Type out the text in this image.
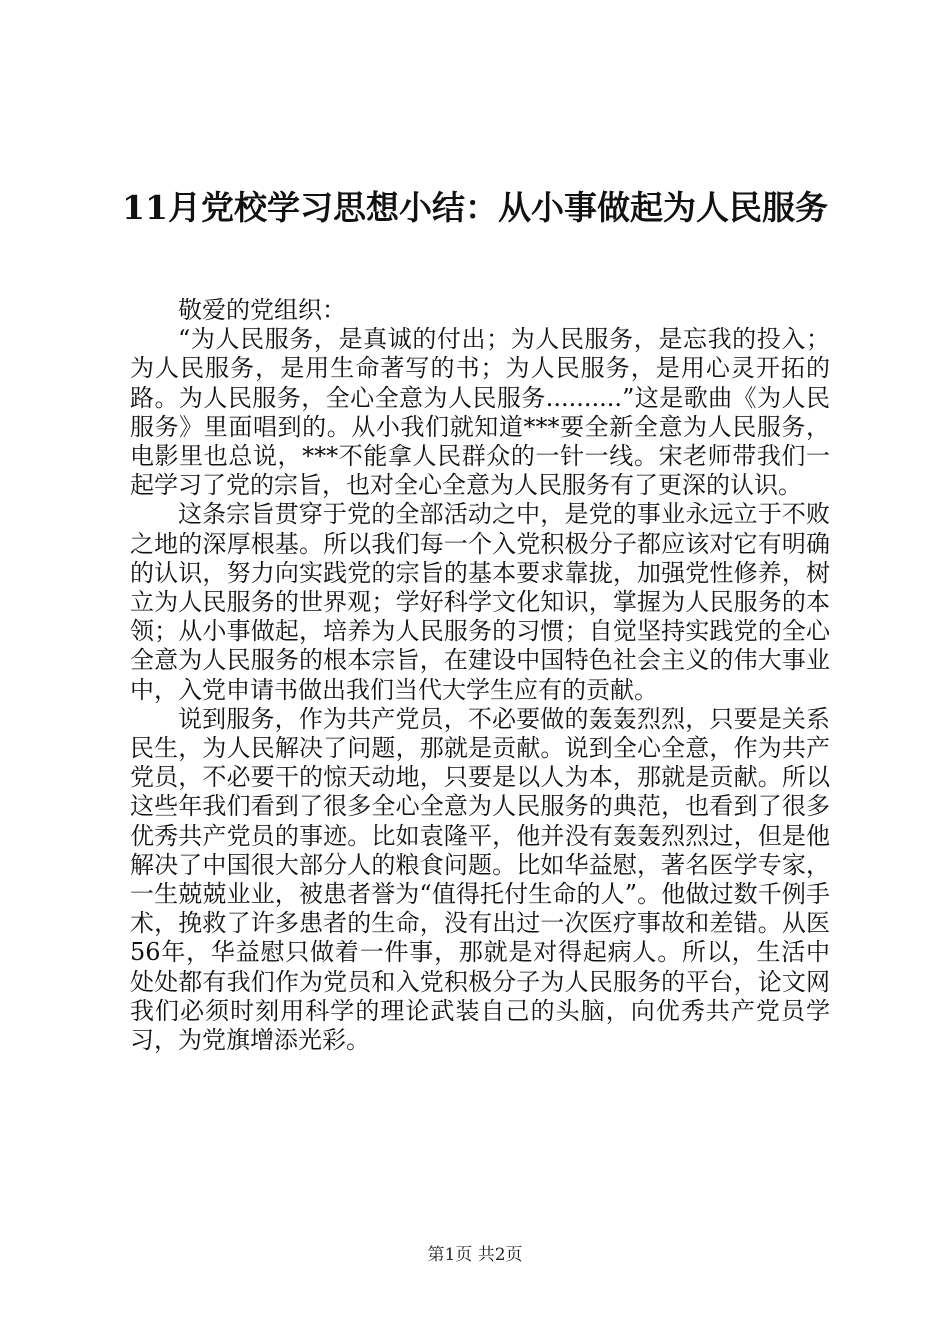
11月党校学习思想小结：从小事做起为人民服务

敬爱的党组织：

“为人民服务，是真诚的付出；为人民服务，是忘我的投入；为人民服务，是用生命著写的书；为人民服务，是用心灵开拓的路。为人民服务，全心全意为人民服务..........”这是歌曲《为人民服务》里面唱到的。从小我们就知道***要全新全意为人民服务，电影里也总说，***不能拿人民群众的一针一线。宋老师带我们一起学习了党的宗旨，也对全心全意为人民服务有了更深的认识。

这条宗旨贯穿于党的全部活动之中，是党的事业永远立于不败之地的深厚根基。所以我们每一个入党积极分子都应该对它有明确的认识，努力向实践党的宗旨的基本要求靠拢，加强党性修养，树立为人民服务的世界观；学好科学文化知识，掌握为人民服务的本领；从小事做起，培养为人民服务的习惯；自觉坚持实践党的全心全意为人民服务的根本宗旨，在建设中国特色社会主义的伟大事业中，入党申请书做出我们当代大学生应有的贡献。

说到服务，作为共产党员，不必要做的轰轰烈烈，只要是关系民生，为人民解决了问题，那就是贡献。说到全心全意，作为共产党员，不必要干的惊天动地，只要是以人为本，那就是贡献。所以这些年我们看到了很多全心全意为人民服务的典范，也看到了很多优秀共产党员的事迹。比如袁隆平，他并没有轰轰烈烈过，但是他解决了中国很大部分人的粮食问题。比如华益慰，著名医学专家，一生兢兢业业，被患者誉为“值得托付生命的人”。他做过数千例手术，挽救了许多患者的生命，没有出过一次医疗事故和差错。从医56年，华益慰只做着一件事，那就是对得起病人。所以，生活中处处都有我们作为党员和入党积极分子为人民服务的平台，论文网我们必须时刻用科学的理论武装自己的头脑，向优秀共产党员学习，为党旗增添光彩。

第1页 共2页
